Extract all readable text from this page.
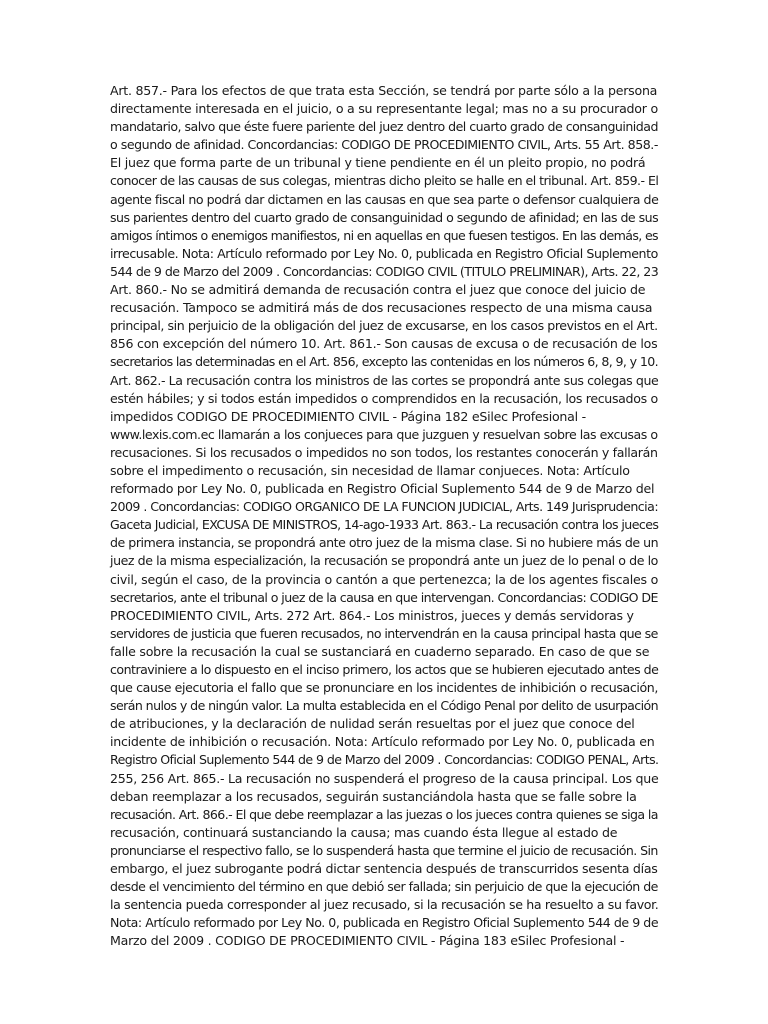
Art. 857.- Para los efectos de que trata esta Sección, se tendrá por parte sólo a la persona
directamente interesada en el juicio, o a su representante legal; mas no a su procurador o
mandatario, salvo que éste fuere pariente del juez dentro del cuarto grado de consanguinidad
o segundo de afinidad. Concordancias: CODIGO DE PROCEDIMIENTO CIVIL, Arts. 55 Art. 858.-
El juez que forma parte de un tribunal y tiene pendiente en él un pleito propio, no podrá
conocer de las causas de sus colegas, mientras dicho pleito se halle en el tribunal. Art. 859.- El
agente fiscal no podrá dar dictamen en las causas en que sea parte o defensor cualquiera de
sus parientes dentro del cuarto grado de consanguinidad o segundo de afinidad; en las de sus
amigos íntimos o enemigos manifiestos, ni en aquellas en que fuesen testigos. En las demás, es
irrecusable. Nota: Artículo reformado por Ley No. 0, publicada en Registro Oficial Suplemento
544 de 9 de Marzo del 2009 . Concordancias: CODIGO CIVIL (TITULO PRELIMINAR), Arts. 22, 23
Art. 860.- No se admitirá demanda de recusación contra el juez que conoce del juicio de
recusación. Tampoco se admitirá más de dos recusaciones respecto de una misma causa
principal, sin perjuicio de la obligación del juez de excusarse, en los casos previstos en el Art.
856 con excepción del número 10. Art. 861.- Son causas de excusa o de recusación de los
secretarios las determinadas en el Art. 856, excepto las contenidas en los números 6, 8, 9, y 10.
Art. 862.- La recusación contra los ministros de las cortes se propondrá ante sus colegas que
estén hábiles; y si todos están impedidos o comprendidos en la recusación, los recusados o
impedidos CODIGO DE PROCEDIMIENTO CIVIL - Página 182 eSilec Profesional -
www.lexis.com.ec llamarán a los conjueces para que juzguen y resuelvan sobre las excusas o
recusaciones. Si los recusados o impedidos no son todos, los restantes conocerán y fallarán
sobre el impedimento o recusación, sin necesidad de llamar conjueces. Nota: Artículo
reformado por Ley No. 0, publicada en Registro Oficial Suplemento 544 de 9 de Marzo del
2009 . Concordancias: CODIGO ORGANICO DE LA FUNCION JUDICIAL, Arts. 149 Jurisprudencia:
Gaceta Judicial, EXCUSA DE MINISTROS, 14-ago-1933 Art. 863.- La recusación contra los jueces
de primera instancia, se propondrá ante otro juez de la misma clase. Si no hubiere más de un
juez de la misma especialización, la recusación se propondrá ante un juez de lo penal o de lo
civil, según el caso, de la provincia o cantón a que pertenezca; la de los agentes fiscales o
secretarios, ante el tribunal o juez de la causa en que intervengan. Concordancias: CODIGO DE
PROCEDIMIENTO CIVIL, Arts. 272 Art. 864.- Los ministros, jueces y demás servidoras y
servidores de justicia que fueren recusados, no intervendrán en la causa principal hasta que se
falle sobre la recusación la cual se sustanciará en cuaderno separado. En caso de que se
contraviniere a lo dispuesto en el inciso primero, los actos que se hubieren ejecutado antes de
que cause ejecutoria el fallo que se pronunciare en los incidentes de inhibición o recusación,
serán nulos y de ningún valor. La multa establecida en el Código Penal por delito de usurpación
de atribuciones, y la declaración de nulidad serán resueltas por el juez que conoce del
incidente de inhibición o recusación. Nota: Artículo reformado por Ley No. 0, publicada en
Registro Oficial Suplemento 544 de 9 de Marzo del 2009 . Concordancias: CODIGO PENAL, Arts.
255, 256 Art. 865.- La recusación no suspenderá el progreso de la causa principal. Los que
deban reemplazar a los recusados, seguirán sustanciándola hasta que se falle sobre la
recusación. Art. 866.- El que debe reemplazar a las juezas o los jueces contra quienes se siga la
recusación, continuará sustanciando la causa; mas cuando ésta llegue al estado de
pronunciarse el respectivo fallo, se lo suspenderá hasta que termine el juicio de recusación. Sin
embargo, el juez subrogante podrá dictar sentencia después de transcurridos sesenta días
desde el vencimiento del término en que debió ser fallada; sin perjuicio de que la ejecución de
la sentencia pueda corresponder al juez recusado, si la recusación se ha resuelto a su favor.
Nota: Artículo reformado por Ley No. 0, publicada en Registro Oficial Suplemento 544 de 9 de
Marzo del 2009 . CODIGO DE PROCEDIMIENTO CIVIL - Página 183 eSilec Profesional -
